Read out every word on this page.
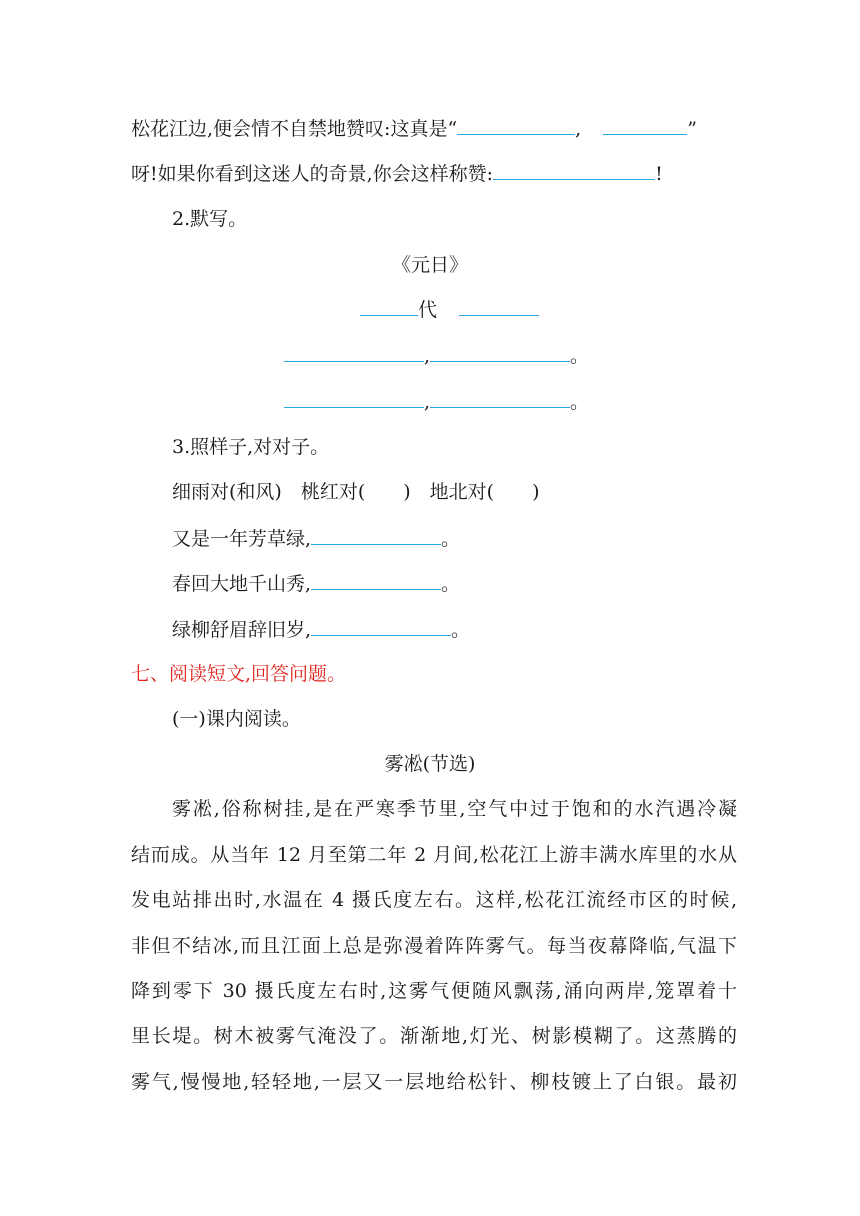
松花江边,便会情不自禁地赞叹:这真是“	,	”
呀!如果你看到这迷人的奇景,你会这样称赞:	!
2.默写。
《元日》
代
,	。
,	。
3.照样子,对对子。
细雨对(和风)　桃红对(　　)　地北对(　　)
又是一年芳草绿,	。
春回大地千山秀,	。
绿柳舒眉辞旧岁,	。
七、阅读短文,回答问题。
(一)课内阅读。
雾凇(节选)
雾凇,俗称树挂,是在严寒季节里,空气中过于饱和的水汽遇冷凝
结而成。从当年 12 月至第二年 2 月间,松花江上游丰满水库里的水从
发电站排出时,水温在 4 摄氏度左右。这样,松花江流经市区的时候,
非但不结冰,而且江面上总是弥漫着阵阵雾气。每当夜幕降临,气温下
降到零下 30 摄氏度左右时,这雾气便随风飘荡,涌向两岸,笼罩着十
里长堤。树木被雾气淹没了。渐渐地,灯光、树影模糊了。这蒸腾的
雾气,慢慢地,轻轻地,一层又一层地给松针、柳枝镀上了白银。最初
